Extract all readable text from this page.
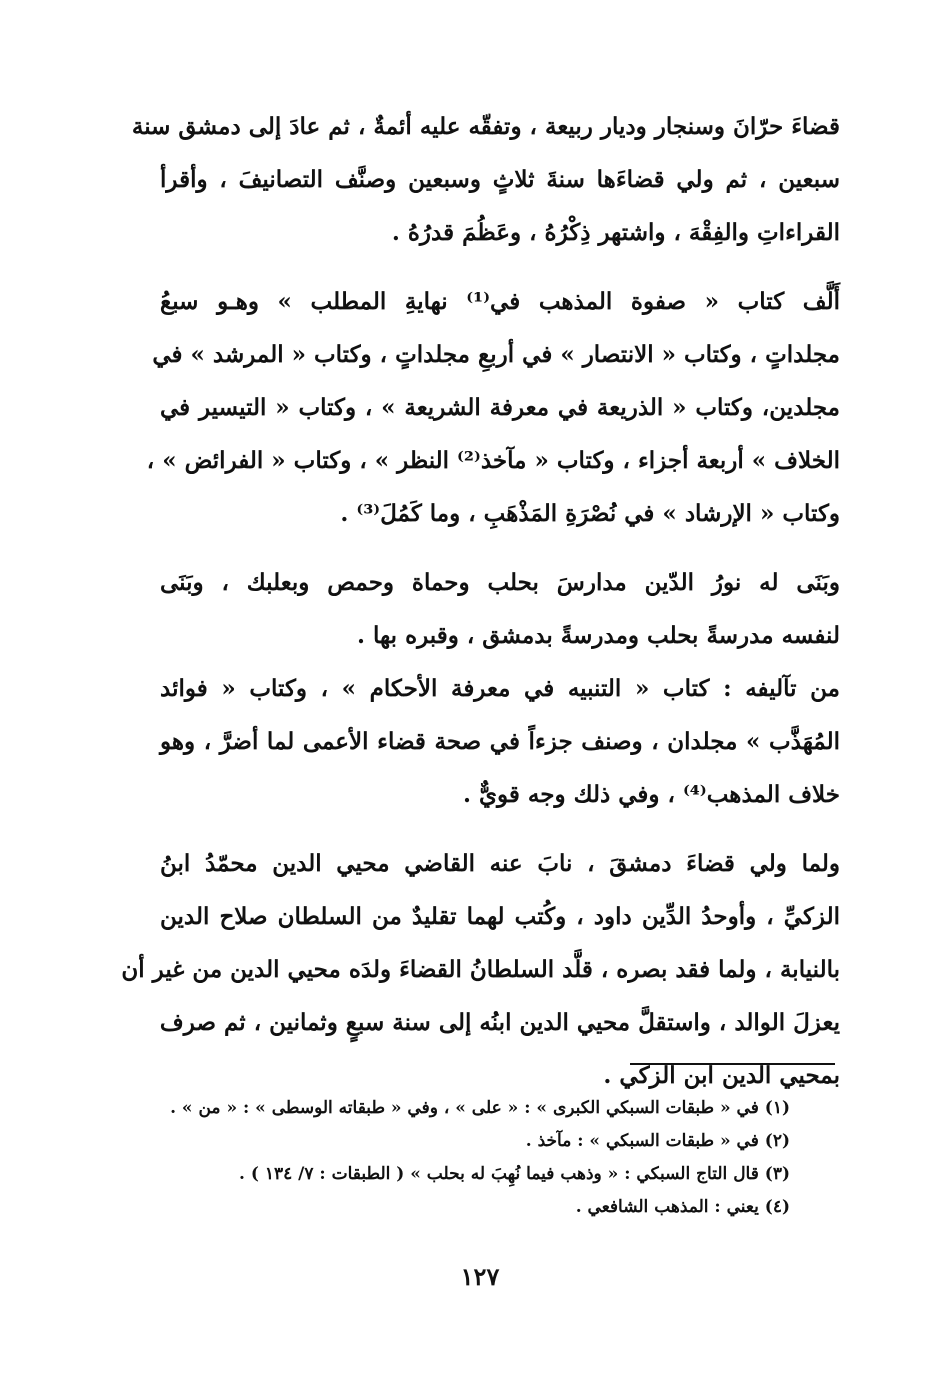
قضاءَ حرّانَ وسنجار وديار ربيعة ، وتفقّه عليه أئمةٌ ، ثم عادَ إلى دمشق سنة
سبعين ، ثم ولي قضاءَها سنةَ ثلاثٍ وسبعين وصنَّف التصانيفَ ، وأقرأ
القراءاتِ والفِقْهَ ، واشتهر ذِكْرُهُ ، وعَظُمَ قدرُهُ .
أَلَّف كتاب « صفوة المذهب في⁽¹⁾ نهايةِ المطلب » وهـو سبعُ
مجلداتٍ ، وكتاب « الانتصار » في أربعِ مجلداتٍ ، وكتاب « المرشد » في
مجلدين، وكتاب « الذريعة في معرفة الشريعة » ، وكتاب « التيسير في
الخلاف » أربعة أجزاء ، وكتاب « مآخذ⁽²⁾ النظر » ، وكتاب « الفرائض » ،
وكتاب « الإرشاد » في نُصْرَةِ المَذْهَبِ ، وما كَمُلَ⁽³⁾ .
وبَنَى له نورُ الدّين مدارسَ بحلب وحماة وحمص وبعلبك ، وبَنَى
لنفسه مدرسةً بحلب ومدرسةً بدمشق ، وقبره بها .
من تآليفه : كتاب « التنبيه في معرفة الأحكام » ، وكتاب « فوائد
المُهَذَّب » مجلدان ، وصنف جزءاً في صحة قضاء الأعمى لما أضرَّ ، وهو
خلاف المذهب⁽⁴⁾ ، وفي ذلك وجه قويٌّ .
ولما ولي قضاءَ دمشقَ ، نابَ عنه القاضي محيي الدين محمّدُ ابنُ
الزكيِّ ، وأوحدُ الدِّين داود ، وكُتب لهما تقليدٌ من السلطان صلاح الدين
بالنيابة ، ولما فقد بصره ، قلَّد السلطانُ القضاءَ ولدَه محيي الدين من غير أن
يعزلَ الوالد ، واستقلَّ محيي الدين ابنُه إلى سنة سبعٍ وثمانين ، ثم صرف
بمحيي الدين ابن الزكي .
(١) في « طبقات السبكي الكبرى » : « على » ، وفي « طبقاته الوسطى » : « من » .
(٢) في « طبقات السبكي » : مآخذ .
(٣) قال التاج السبكي : « وذهب فيما نُهِبَ له بحلب » ( الطبقات : ٧/ ١٣٤ ) .
(٤) يعني : المذهب الشافعي .
١٢٧
